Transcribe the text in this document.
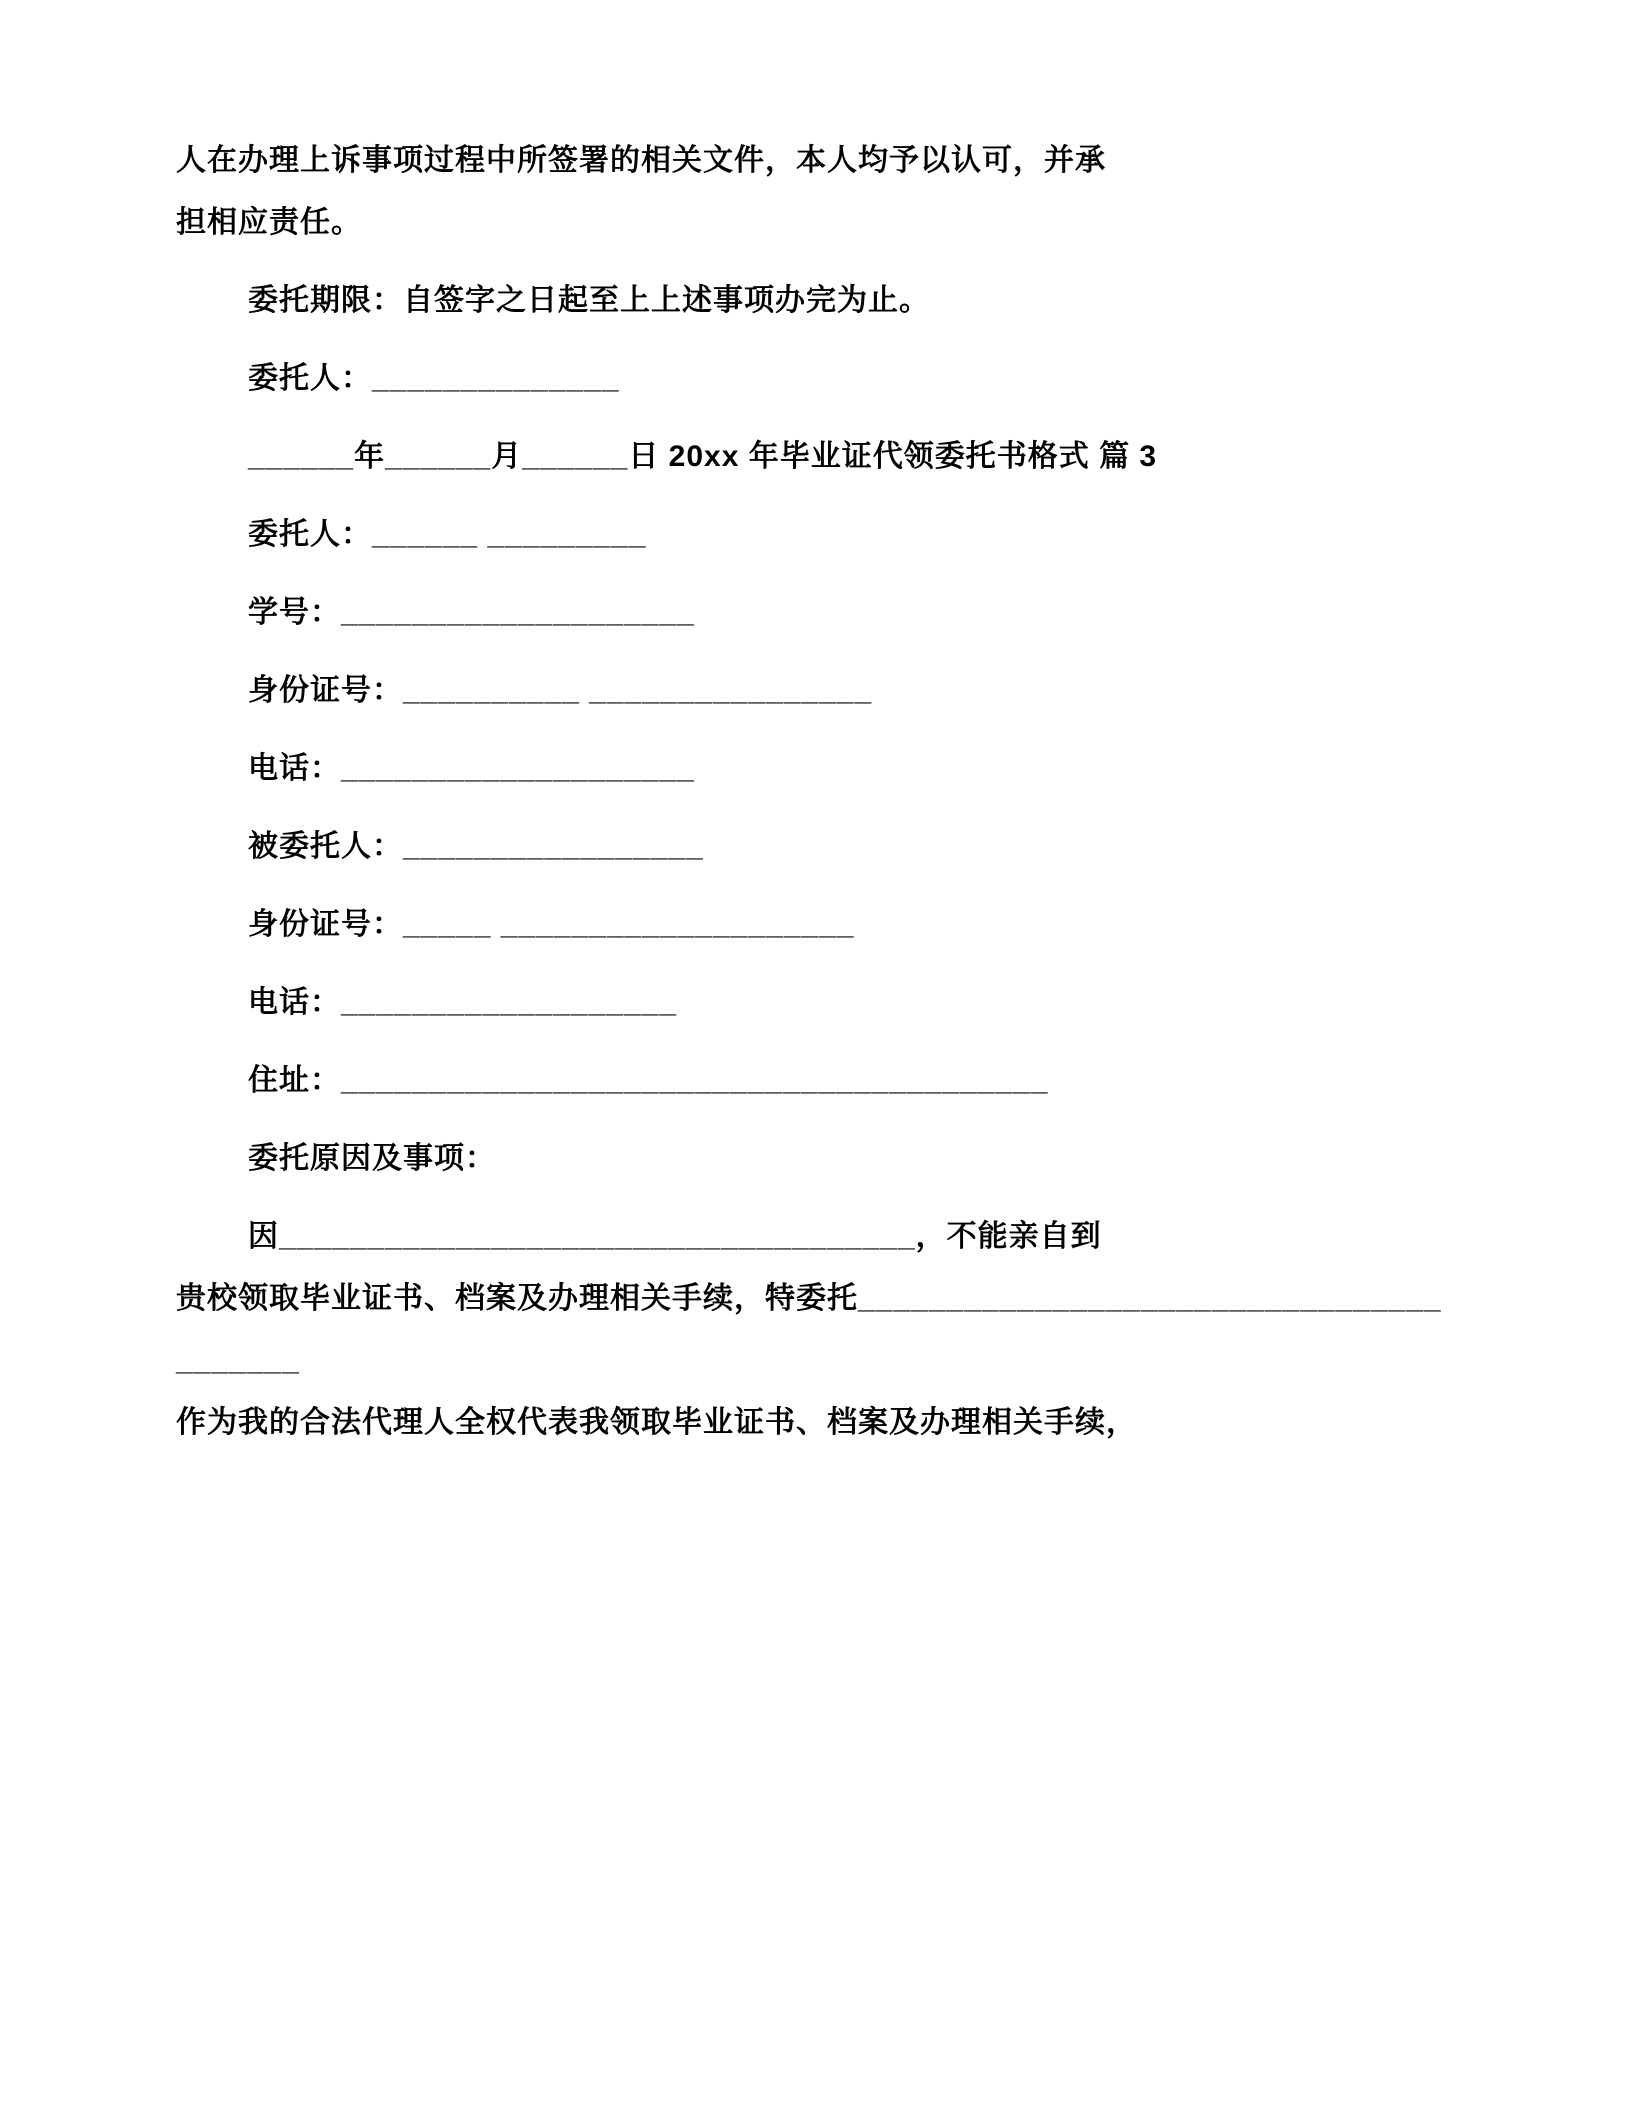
人在办理上诉事项过程中所签署的相关文件，本人均予以认可，并承

担相应责任。

委托期限：自签字之日起至上上述事项办完为止。

委托人：______________

______年______月______日 20xx 年毕业证代领委托书格式 篇 3

委托人：______ _________

学号：____________________

身份证号：__________ ________________

电话：____________________

被委托人：_________________

身份证号：_____ ____________________

电话：___________________

住址：________________________________________

委托原因及事项：

因____________________________________，不能亲自到

贵校领取毕业证书、档案及办理相关手续，特委托________________________________________

作为我的合法代理人全权代表我领取毕业证书、档案及办理相关手续，
